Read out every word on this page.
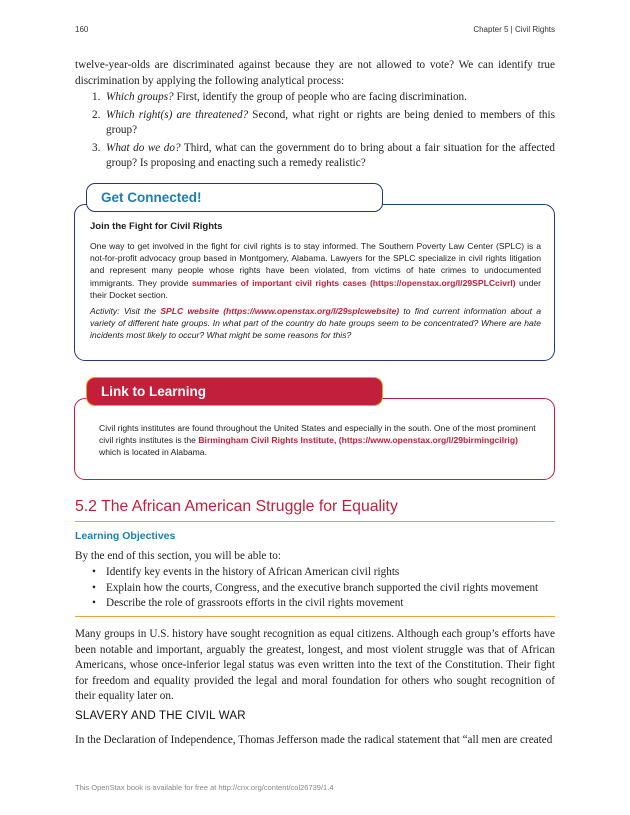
160	Chapter 5 | Civil Rights

twelve-year-olds are discriminated against because they are not allowed to vote? We can identify true discrimination by applying the following analytical process:

1. Which groups? First, identify the group of people who are facing discrimination.
2. Which right(s) are threatened? Second, what right or rights are being denied to members of this group?
3. What do we do? Third, what can the government do to bring about a fair situation for the affected group? Is proposing and enacting such a remedy realistic?
Get Connected!
Join the Fight for Civil Rights

One way to get involved in the fight for civil rights is to stay informed. The Southern Poverty Law Center (SPLC) is a not-for-profit advocacy group based in Montgomery, Alabama. Lawyers for the SPLC specialize in civil rights litigation and represent many people whose rights have been violated, from victims of hate crimes to undocumented immigrants. They provide summaries of important civil rights cases (https://openstax.org/l/29SPLCcivrl) under their Docket section.

Activity: Visit the SPLC website (https://www.openstax.org/l/29splcwebsite) to find current information about a variety of different hate groups. In what part of the country do hate groups seem to be concentrated? Where are hate incidents most likely to occur? What might be some reasons for this?

Link to Learning

Civil rights institutes are found throughout the United States and especially in the south. One of the most prominent civil rights institutes is the Birmingham Civil Rights Institute, (https://www.openstax.org/l/29birmingcilrig) which is located in Alabama.

5.2 The African American Struggle for Equality
Learning Objectives

By the end of this section, you will be able to:

• Identify key events in the history of African American civil rights
• Explain how the courts, Congress, and the executive branch supported the civil rights movement
• Describe the role of grassroots efforts in the civil rights movement

Many groups in U.S. history have sought recognition as equal citizens. Although each group’s efforts have been notable and important, arguably the greatest, longest, and most violent struggle was that of African Americans, whose once-inferior legal status was even written into the text of the Constitution. Their fight for freedom and equality provided the legal and moral foundation for others who sought recognition of their equality later on.

SLAVERY AND THE CIVIL WAR

In the Declaration of Independence, Thomas Jefferson made the radical statement that “all men are created

This OpenStax book is available for free at http://cnx.org/content/col26739/1.4
